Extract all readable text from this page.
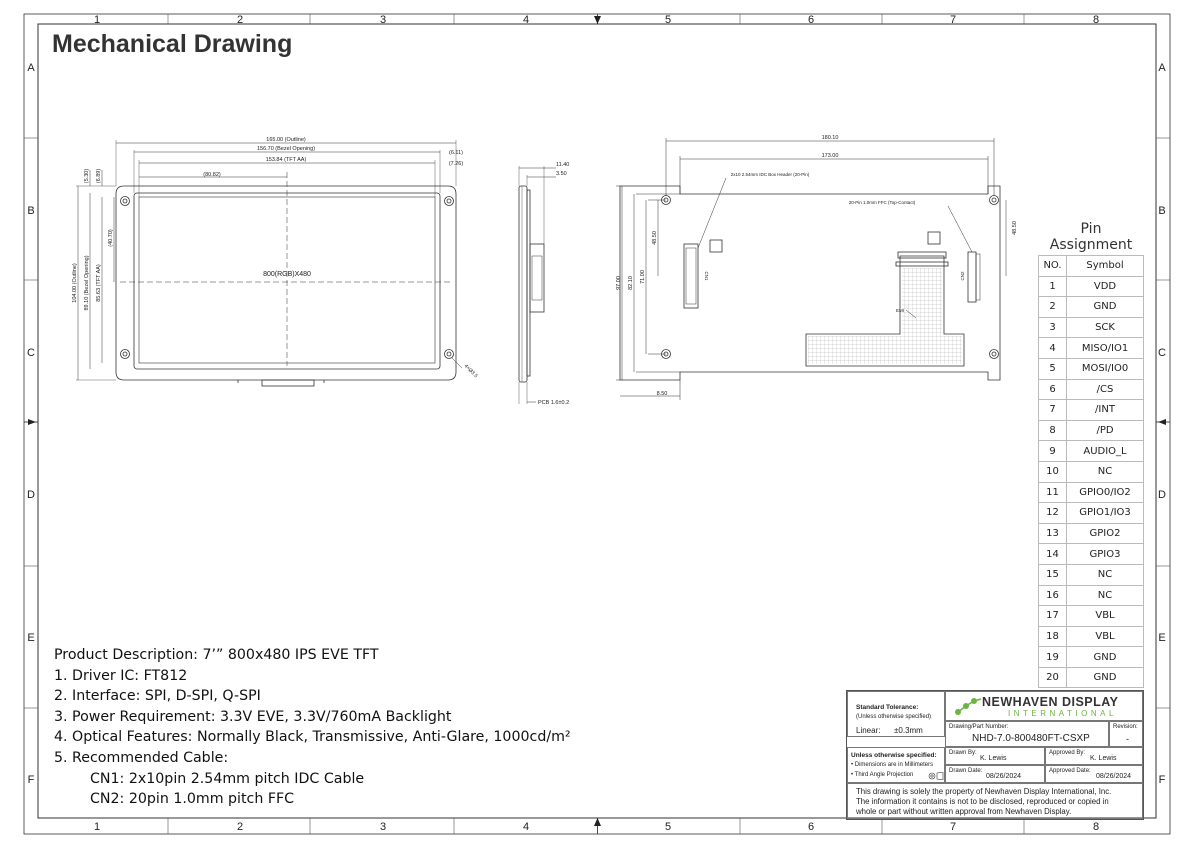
1	2	3	4	5	6	7	8
1	2	3	4	5	6	7	8
A
B
C
D
E
F
A
B
C
D
E
F
165.00 (Outline)
156.70 (Bezel Opening)
(6.11)
153.84 (TFT AA)
(7.26)
(80.82)
4×Ø3.5
800(RGB)X480
104.00 (Outline) 89.10 (Bezel Opening) 85.63 (TFT AA)
(40.70)
(5.30) (6.89)
11.40
3.50
PCB 1.6±0.2
180.10
173.00
2x10 2.54mm IDC Box Header (20-Pin)
20-Pin 1.0mm FFC (Top-Contact)
8.50
EMI
97.00 82.10 71.00
48.50
48.50
CN1	CN2
Mechanical Drawing
Pin Assignment
NO.	Symbol
1	VDD
2	GND
3	SCK
4	MISO/IO1
5	MOSI/IO0
6	/CS
7	/INT
8	/PD
9	AUDIO_L
10	NC
11	GPIO0/IO2
12	GPIO1/IO3
13	GPIO2
14	GPIO3
15	NC
16	NC
17	VBL
18	VBL
19	GND
20	GND
Product Description: 7’” 800x480 IPS EVE TFT
1. Driver IC: FT812
2. Interface: SPI, D-SPI, Q-SPI
3. Power Requirement: 3.3V EVE, 3.3V/760mA Backlight
4. Optical Features: Normally Black, Transmissive, Anti-Glare, 1000cd/m²
5. Recommended Cable:
CN1: 2x10pin 2.54mm pitch IDC Cable
CN2: 20pin 1.0mm pitch FFC
Standard Tolerance:
(Unless otherwise specified)
Linear: ±0.3mm
NEWHAVEN DISPLAY
INTERNATIONAL
Drawing/Part Number:
NHD-7.0-800480FT-CSXP
Revision:
-
Unless otherwise specified:
• Dimensions are in Millimeters
• Third Angle Projection
Drawn By:
K. Lewis
Approved By:
K. Lewis
Drawn Date:
08/26/2024
Approved Date:
08/26/2024
This drawing is solely the property of Newhaven Display International, Inc.
The information it contains is not to be disclosed, reproduced or copied in
whole or part without written approval from Newhaven Display.
